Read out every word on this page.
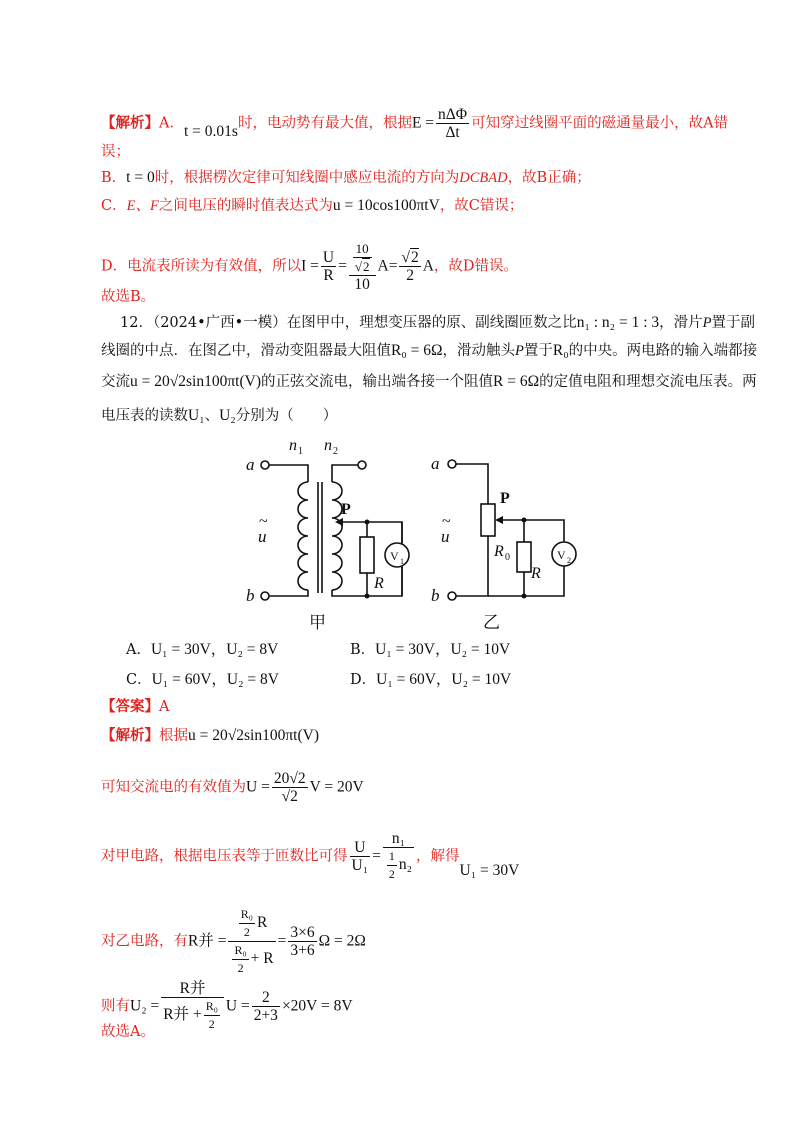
【解析】A．t = 0.01s时，电动势有最大值，根据$E = \frac{\text{nΔΦ}}{\Delta t}$ 可知穿过线圈平面的磁通量最小，故A错
误；
B．t = 0时，根据楞次定律可知线圈中感应电流的方向为DCBAD，故B正确；
C．E、F之间电压的瞬时值表达式为u = 10cos100πtV，故C错误；
D．电流表所读为有效值，所以$I = \frac{U}{R} = \frac{\frac{10}{√2}}{10} A= \frac{√2}{2}$ A，故D错误。
故选B。
12．（2024•广西•一模）在图甲中，理想变压器的原、副线圈匝数之比n₁ : n₂ = 1 : 3，滑片P置于副
线圈的中点．在图乙中，滑动变阻器最大阻值R₀ = 6Ω，滑动触头P置于R₀的中央。两电路的输入端都接
交流u = 20√2sin100πt(V)的正弦交流电，输出端各接一个阻值R = 6Ω的定值电阻和理想交流电压表。两
电压表的读数U₁、U₂分别为（　　）
a
b
~
u
n 1 n 2
P
R
V 1
甲
a
b
~
u
P
R 0
R
V 2
乙
A．U₁ = 30V，U₂ = 8V	B．U₁ = 30V，U₂ = 10V
C．U₁ = 60V，U₂ = 8V	D．U₁ = 60V，U₂ = 10V
【答案】A
【解析】根据u = 20√2sin100πt(V)
可知交流电的有效值为$U = \frac{20√2}{√2}$ V = 20V
对甲电路，根据电压表等于匝数比可得 $\frac{U}{\text{U₁}} = \frac{\text{n₁}}{\frac{1}{2} n_2}$ ，解得U₁ = 30V
对乙电路，有R并 = $\frac{\frac{\text{R₀}}{2} R}{\frac{\text{R₀}}{2} + R} = \frac{3\times 6}{3+6}$ Ω = 2Ω
则有$U_2 = \frac{\text{R并}}{R并 + \frac{\text{R₀}}{2}}$ $U = \frac{2}{2+3} \times 20V = 8V$
故选A。
